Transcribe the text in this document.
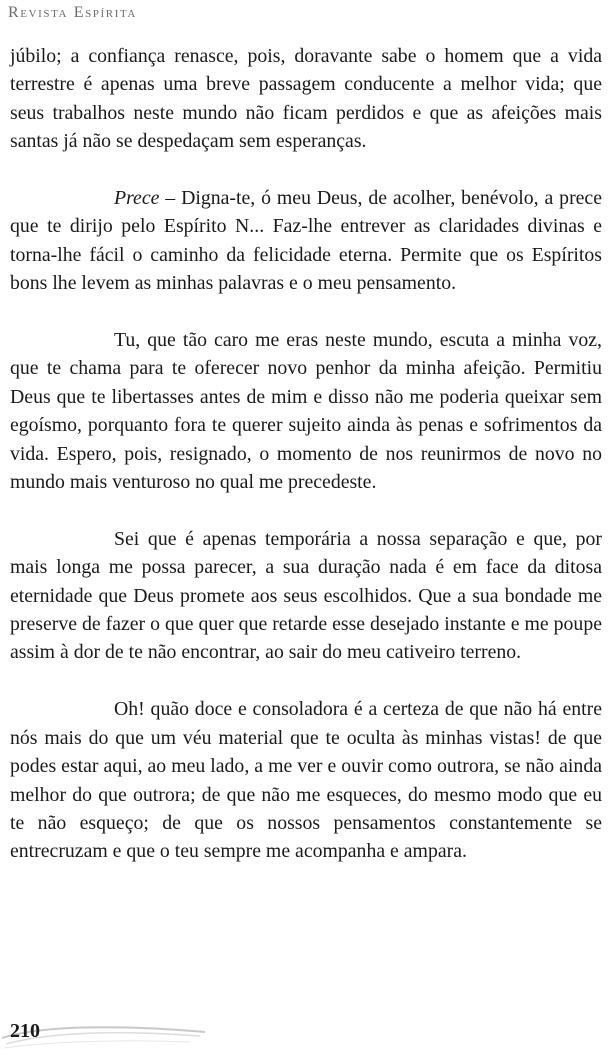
Revista Espírita

júbilo; a confiança renasce, pois, doravante sabe o homem que a vida terrestre é apenas uma breve passagem conducente a melhor vida; que seus trabalhos neste mundo não ficam perdidos e que as afeições mais santas já não se despedaçam sem esperanças.

Prece – Digna-te, ó meu Deus, de acolher, benévolo, a prece que te dirijo pelo Espírito N... Faz-lhe entrever as claridades divinas e torna-lhe fácil o caminho da felicidade eterna. Permite que os Espíritos bons lhe levem as minhas palavras e o meu pensamento.

Tu, que tão caro me eras neste mundo, escuta a minha voz, que te chama para te oferecer novo penhor da minha afeição. Permitiu Deus que te libertasses antes de mim e disso não me poderia queixar sem egoísmo, porquanto fora te querer sujeito ainda às penas e sofrimentos da vida. Espero, pois, resignado, o momento de nos reunirmos de novo no mundo mais venturoso no qual me precedeste.

Sei que é apenas temporária a nossa separação e que, por mais longa me possa parecer, a sua duração nada é em face da ditosa eternidade que Deus promete aos seus escolhidos. Que a sua bondade me preserve de fazer o que quer que retarde esse desejado instante e me poupe assim à dor de te não encontrar, ao sair do meu cativeiro terreno.

Oh! quão doce e consoladora é a certeza de que não há entre nós mais do que um véu material que te oculta às minhas vistas! de que podes estar aqui, ao meu lado, a me ver e ouvir como outrora, se não ainda melhor do que outrora; de que não me esqueces, do mesmo modo que eu te não esqueço; de que os nossos pensamentos constantemente se entrecruzam e que o teu sempre me acompanha e ampara.

210
